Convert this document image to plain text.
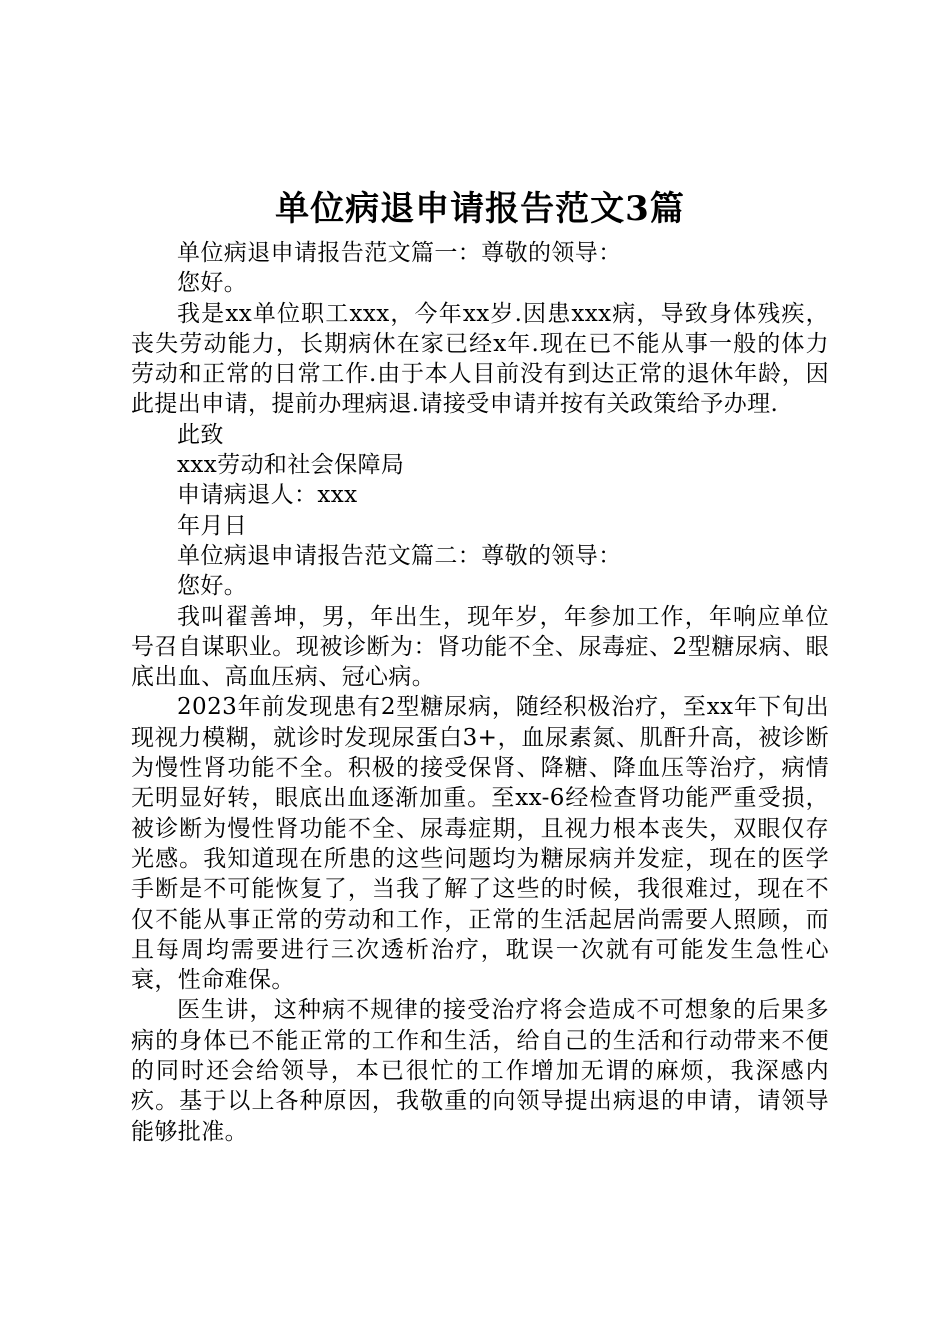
单位病退申请报告范文3篇

单位病退申请报告范文篇一：尊敬的领导：

您好。

我是xx单位职工xxx，今年xx岁.因患xxx病，导致身体残疾，丧失劳动能力，长期病休在家已经x年.现在已不能从事一般的体力劳动和正常的日常工作.由于本人目前没有到达正常的退休年龄，因此提出申请，提前办理病退.请接受申请并按有关政策给予办理.

此致

xxx劳动和社会保障局

申请病退人：xxx

年月日

单位病退申请报告范文篇二：尊敬的领导：

您好。

我叫翟善坤，男，年出生，现年岁，年参加工作，年响应单位号召自谋职业。现被诊断为：肾功能不全、尿毒症、2型糖尿病、眼底出血、高血压病、冠心病。

2023年前发现患有2型糖尿病，随经积极治疗，至xx年下旬出现视力模糊，就诊时发现尿蛋白3+，血尿素氮、肌酐升高，被诊断为慢性肾功能不全。积极的接受保肾、降糖、降血压等治疗，病情无明显好转，眼底出血逐渐加重。至xx-6经检查肾功能严重受损，被诊断为慢性肾功能不全、尿毒症期，且视力根本丧失，双眼仅存光感。我知道现在所患的这些问题均为糖尿病并发症，现在的医学手断是不可能恢复了，当我了解了这些的时候，我很难过，现在不仅不能从事正常的劳动和工作，正常的生活起居尚需要人照顾，而且每周均需要进行三次透析治疗，耽误一次就有可能发生急性心衰，性命难保。

医生讲，这种病不规律的接受治疗将会造成不可想象的后果多病的身体已不能正常的工作和生活，给自己的生活和行动带来不便的同时还会给领导，本已很忙的工作增加无谓的麻烦，我深感内疚。基于以上各种原因，我敬重的向领导提出病退的申请，请领导能够批准。
